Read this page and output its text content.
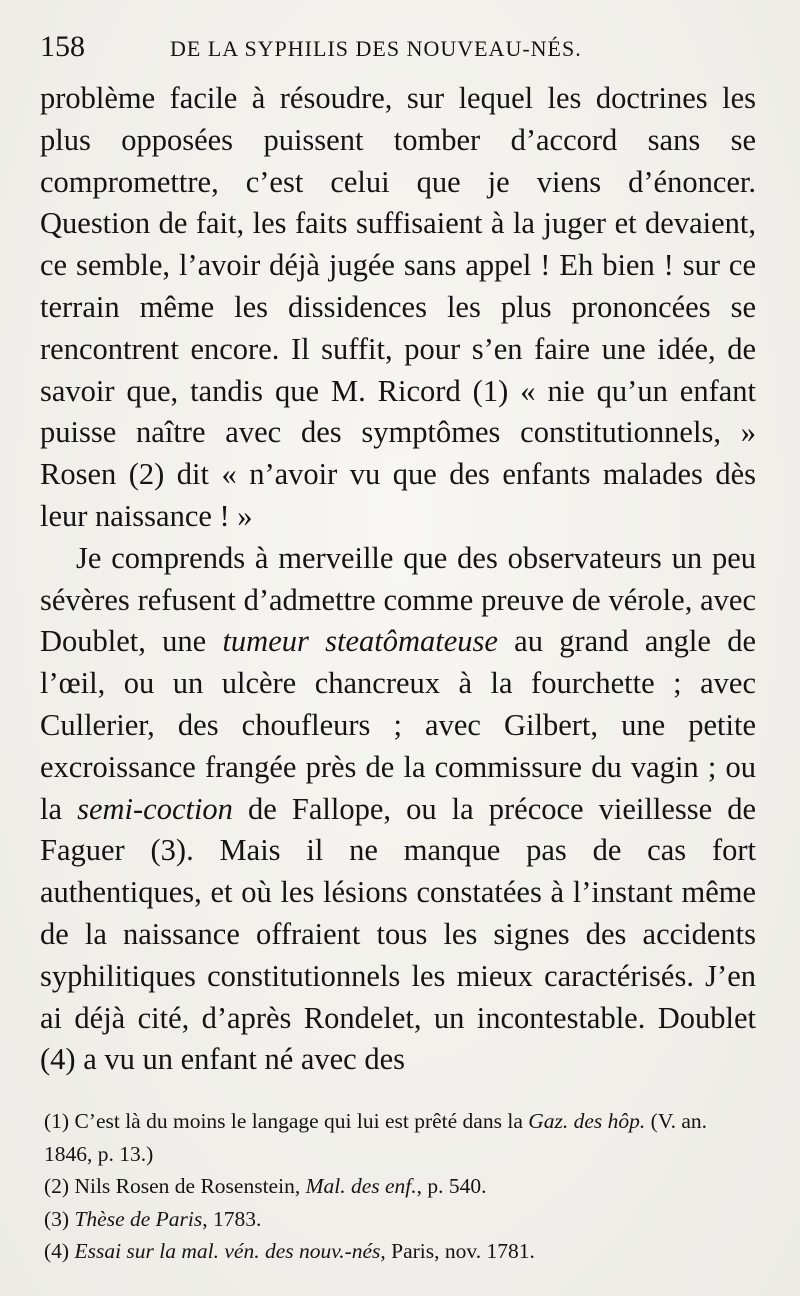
158	DE LA SYPHILIS DES NOUVEAU-NÉS.

problème facile à résoudre, sur lequel les doctrines les plus opposées puissent tomber d’accord sans se compromettre, c’est celui que je viens d’énoncer. Question de fait, les faits suffisaient à la juger et devaient, ce semble, l’avoir déjà jugée sans appel ! Eh bien ! sur ce terrain même les dissidences les plus prononcées se rencontrent encore. Il suffit, pour s’en faire une idée, de savoir que, tandis que M. Ricord (1) « nie qu’un enfant puisse naître avec des symptômes constitutionnels, » Rosen (2) dit « n’avoir vu que des enfants malades dès leur naissance ! »

Je comprends à merveille que des observateurs un peu sévères refusent d’admettre comme preuve de vérole, avec Doublet, une tumeur steatômateuse au grand angle de l’œil, ou un ulcère chancreux à la fourchette ; avec Cullerier, des choufleurs ; avec Gilbert, une petite excroissance frangée près de la commissure du vagin ; ou la semi-coction de Fallope, ou la précoce vieillesse de Faguer (3). Mais il ne manque pas de cas fort authentiques, et où les lésions constatées à l’instant même de la naissance offraient tous les signes des accidents syphilitiques constitutionnels les mieux caractérisés. J’en ai déjà cité, d’après Rondelet, un incontestable. Doublet (4) a vu un enfant né avec des

(1) C’est là du moins le langage qui lui est prêté dans la Gaz. des hôp. (V. an. 1846, p. 13.)

(2) Nils Rosen de Rosenstein, Mal. des enf., p. 540.

(3) Thèse de Paris, 1783.

(4) Essai sur la mal. vén. des nouv.-nés, Paris, nov. 1781.
